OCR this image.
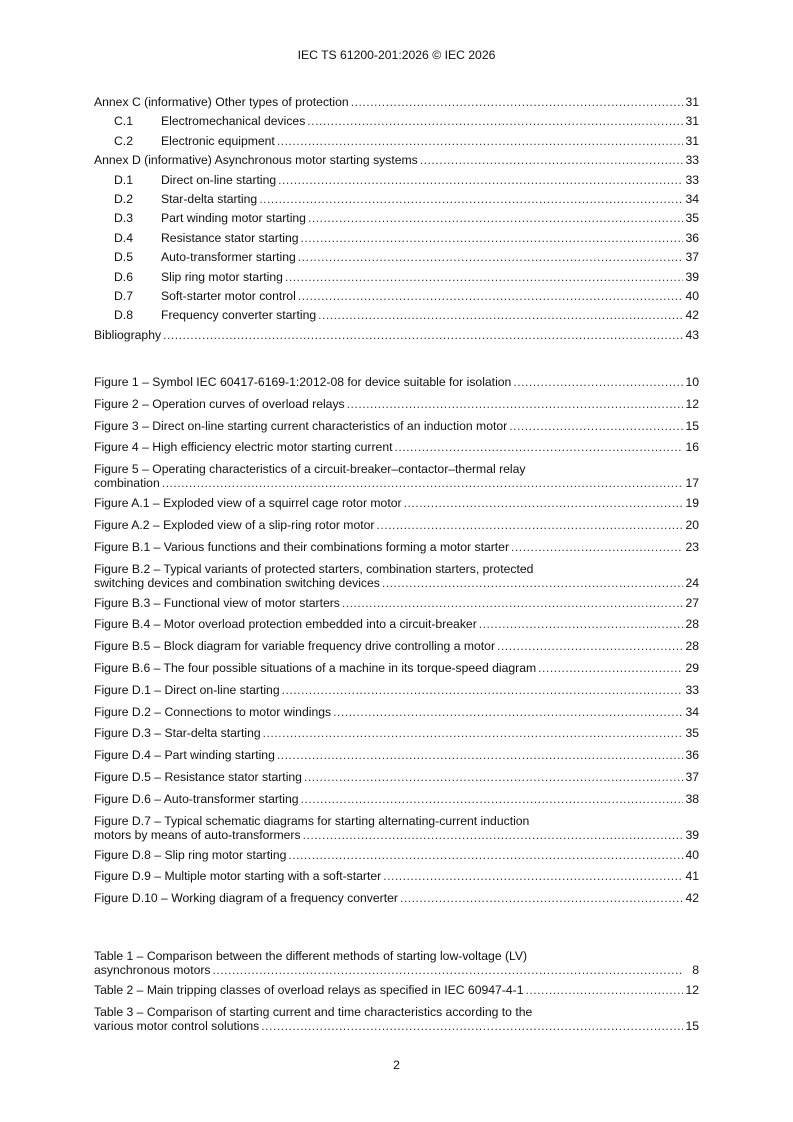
IEC TS 61200-201:2026 © IEC 2026
Annex C (informative) Other types of protection .....	31
C.1	Electromechanical devices .....	31
C.2	Electronic equipment .....	31
Annex D (informative) Asynchronous motor starting systems .....	33
D.1	Direct on-line starting .....	33
D.2	Star-delta starting .....	34
D.3	Part winding motor starting .....	35
D.4	Resistance stator starting .....	36
D.5	Auto-transformer starting .....	37
D.6	Slip ring motor starting .....	39
D.7	Soft-starter motor control .....	40
D.8	Frequency converter starting .....	42
Bibliography .....	43
Figure 1 – Symbol IEC 60417-6169-1:2012-08 for device suitable for isolation .....	10
Figure 2 – Operation curves of overload relays .....	12
Figure 3 – Direct on-line starting current characteristics of an induction motor .....	15
Figure 4 – High efficiency electric motor starting current .....	16
Figure 5 – Operating characteristics of a circuit-breaker–contactor–thermal relay
combination .....	17
Figure A.1 – Exploded view of a squirrel cage rotor motor .....	19
Figure A.2 – Exploded view of a slip-ring rotor motor .....	20
Figure B.1 – Various functions and their combinations forming a motor starter .....	23
Figure B.2 – Typical variants of protected starters, combination starters, protected
switching devices and combination switching devices .....	24
Figure B.3 – Functional view of motor starters .....	27
Figure B.4 – Motor overload protection embedded into a circuit-breaker .....	28
Figure B.5 – Block diagram for variable frequency drive controlling a motor .....	28
Figure B.6 – The four possible situations of a machine in its torque-speed diagram .....	29
Figure D.1 – Direct on-line starting .....	33
Figure D.2 – Connections to motor windings .....	34
Figure D.3 – Star-delta starting .....	35
Figure D.4 – Part winding starting .....	36
Figure D.5 – Resistance stator starting .....	37
Figure D.6 – Auto-transformer starting .....	38
Figure D.7 – Typical schematic diagrams for starting alternating-current induction
motors by means of auto-transformers .....	39
Figure D.8 – Slip ring motor starting .....	40
Figure D.9 – Multiple motor starting with a soft-starter .....	41
Figure D.10 – Working diagram of a frequency converter .....	42
Table 1 – Comparison between the different methods of starting low-voltage (LV)
asynchronous motors .....	8
Table 2 – Main tripping classes of overload relays as specified in IEC 60947-4-1 .....	12
Table 3 – Comparison of starting current and time characteristics according to the
various motor control solutions .....	15
2
